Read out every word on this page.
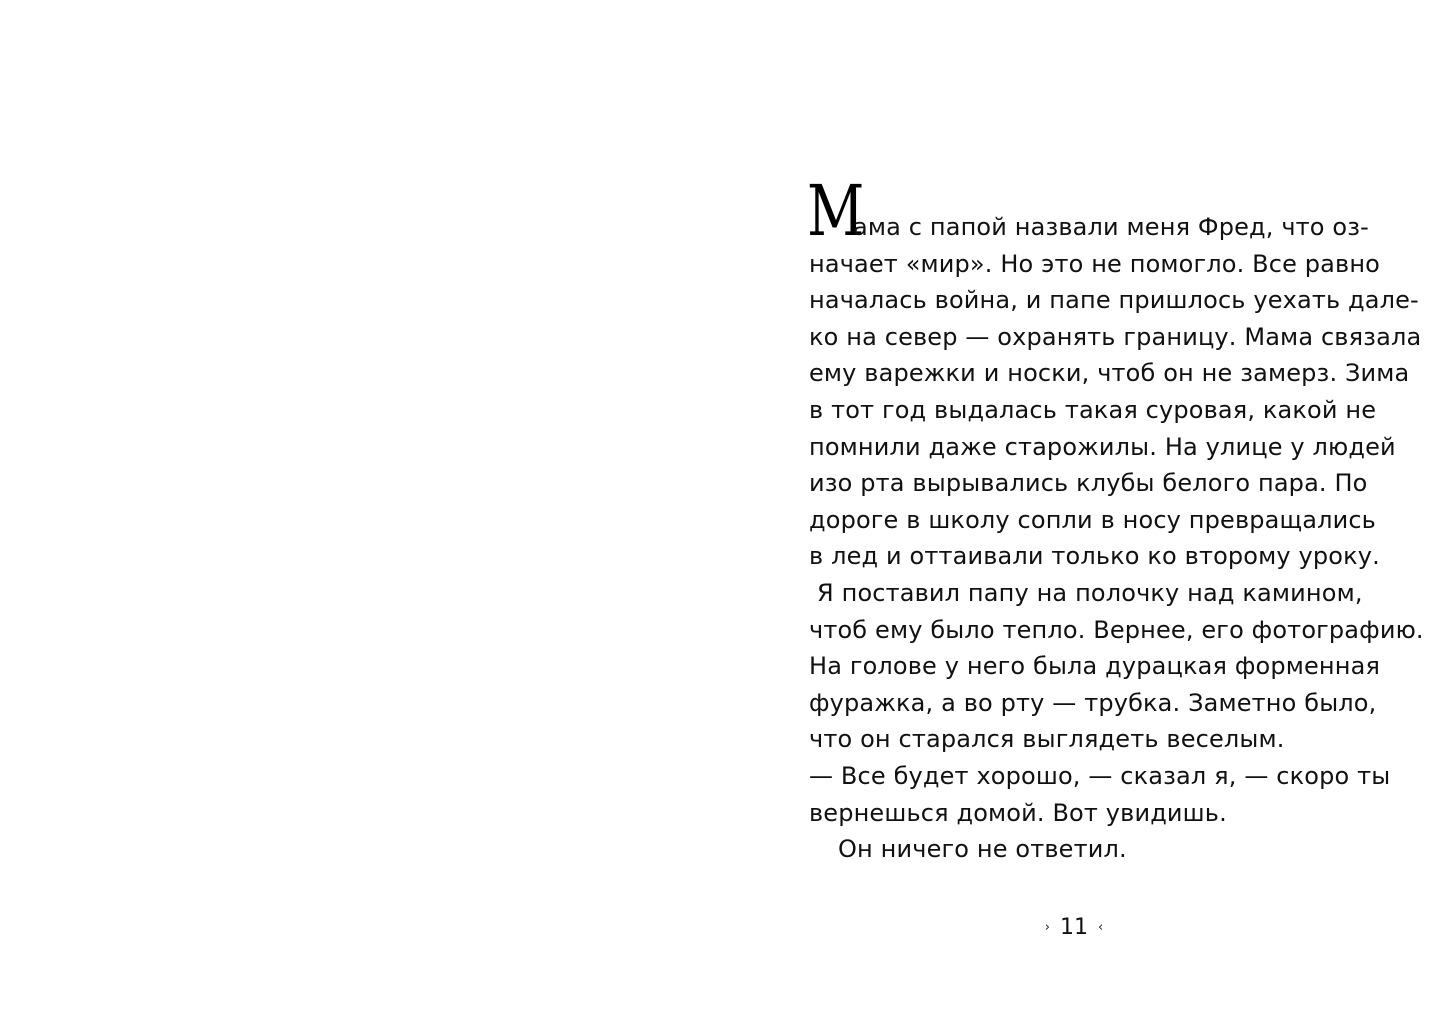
М
ама с папой назвали меня Фред, что оз-
начает «мир». Но это не помогло. Все равно
началась война, и папе пришлось уехать дале-
ко на север — охранять границу. Мама связала
ему варежки и носки, чтоб он не замерз. Зима
в тот год выдалась такая суровая, какой не
помнили даже старожилы. На улице у людей
изо рта вырывались клубы белого пара. По
дороге в школу сопли в носу превращались
в лед и оттаивали только ко второму уроку.
Я поставил папу на полочку над камином,
чтоб ему было тепло. Вернее, его фотографию.
На голове у него была дурацкая форменная
фуражка, а во рту — трубка. Заметно было,
что он старался выглядеть веселым.
— Все будет хорошо, — сказал я, — скоро ты
вернешься домой. Вот увидишь.
Он ничего не ответил.
› 11 ‹
